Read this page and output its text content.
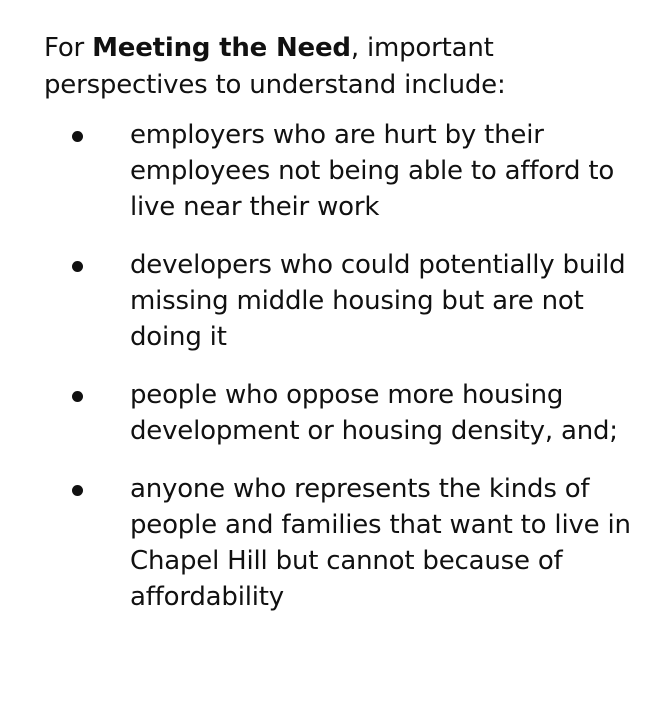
For Meeting the Need, important perspectives to understand include:

employers who are hurt by their employees not being able to afford to live near their work
developers who could potentially build missing middle housing but are not doing it
people who oppose more housing development or housing density, and;
anyone who represents the kinds of people and families that want to live in Chapel Hill but cannot because of affordability
